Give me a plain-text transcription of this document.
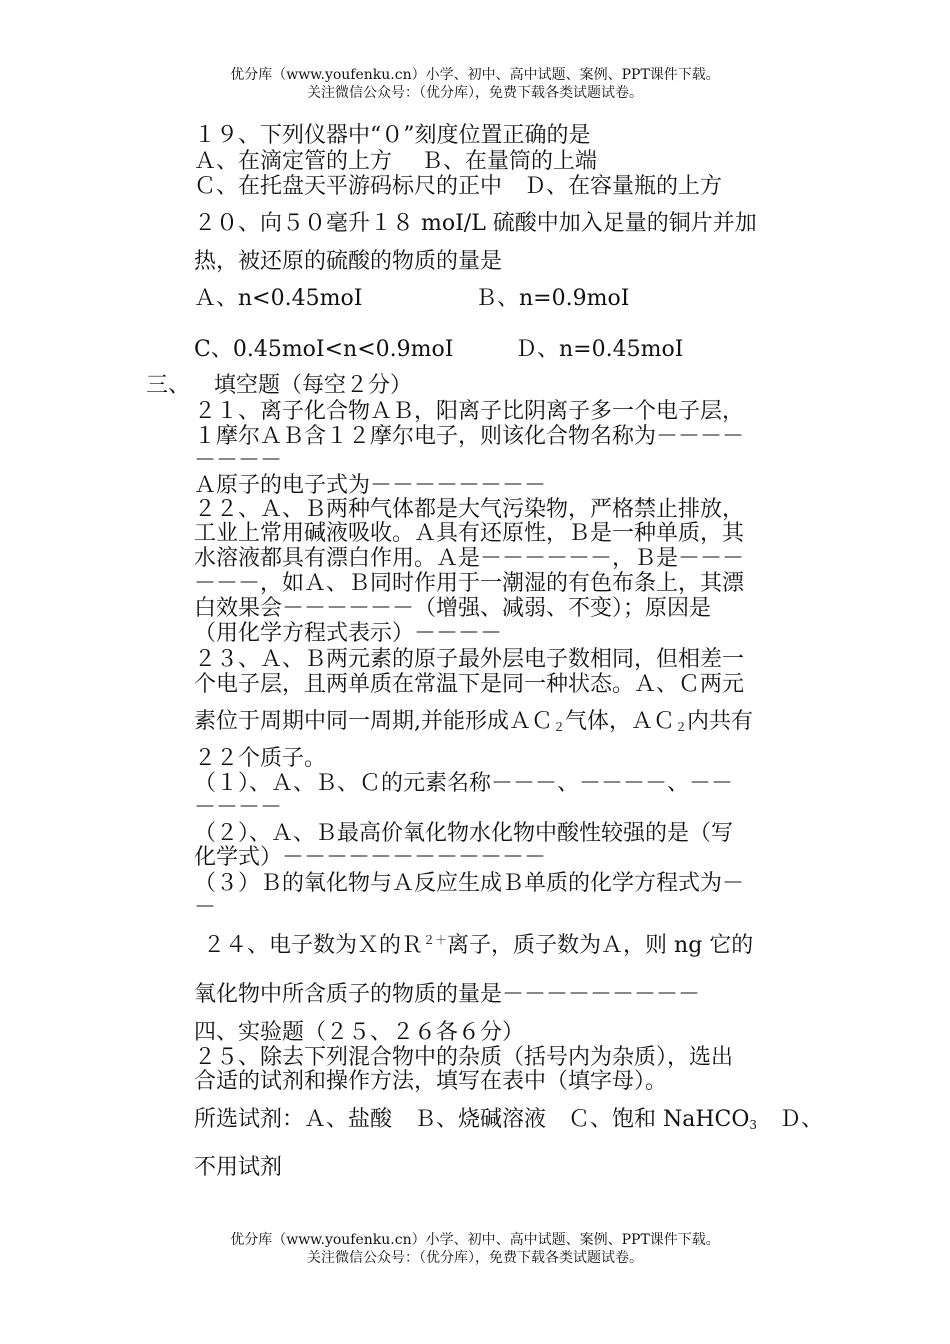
优分库（www.youfenku.cn）小学、初中、高中试题、案例、PPT课件下载。
关注微信公众号：（优分库），免费下载各类试题试卷。
１９、下列仪器中“０”刻度位置正确的是
Ａ、在滴定管的上方　 Ｂ、在量筒的上端
Ｃ、在托盘天平游码标尺的正中　Ｄ、在容量瓶的上方
２０、向５０毫升１８ moI/L 硫酸中加入足量的铜片并加
热，被还原的硫酸的物质的量是
Ａ、n<0.45moI	Ｂ、n=0.9moI
C、0.45moI<n<0.9moI	Ｄ、n=0.45moI
三、 填空题（每空２分）
２１、离子化合物ＡＢ，阳离子比阴离子多一个电子层，
１摩尔ＡＢ含１２摩尔电子，则该化合物名称为－－－－
－－－－
Ａ原子的电子式为－－－－－－－－
２２、Ａ、Ｂ两种气体都是大气污染物，严格禁止排放，
工业上常用碱液吸收。Ａ具有还原性，Ｂ是一种单质，其
水溶液都具有漂白作用。Ａ是－－－－－－，Ｂ是－－－
－－－，如Ａ、Ｂ同时作用于一潮湿的有色布条上，其漂
白效果会－－－－－－（增强、减弱、不变）；原因是
（用化学方程式表示）－－－－
２３、Ａ、Ｂ两元素的原子最外层电子数相同，但相差一
个电子层，且两单质在常温下是同一种状态。Ａ、Ｃ两元
素位于周期中同一周期,并能形成ＡＣ$_2$气体，ＡＣ$_2$内共有
２２个质子。
（１）、Ａ、Ｂ、Ｃ的元素名称－－－、－－－－、－－
－－－－
（２）、Ａ、Ｂ最高价氧化物水化物中酸性较强的是（写
化学式）－－－－－－－－－－－－
（３）Ｂ的氧化物与Ａ反应生成Ｂ单质的化学方程式为－
－
２４、电子数为Ｘ的Ｒ$^{2+}$离子，质子数为Ａ，则 ng 它的
氧化物中所含质子的物质的量是－－－－－－－－－
四、实验题（２５、２６各６分）
２５、除去下列混合物中的杂质（括号内为杂质），选出
合适的试剂和操作方法，填写在表中（填字母）。
所选试剂：Ａ、盐酸　Ｂ、烧碱溶液　Ｃ、饱和 NaHCO$_3$　Ｄ、
不用试剂
优分库（www.youfenku.cn）小学、初中、高中试题、案例、PPT课件下载。
关注微信公众号：（优分库），免费下载各类试题试卷。
